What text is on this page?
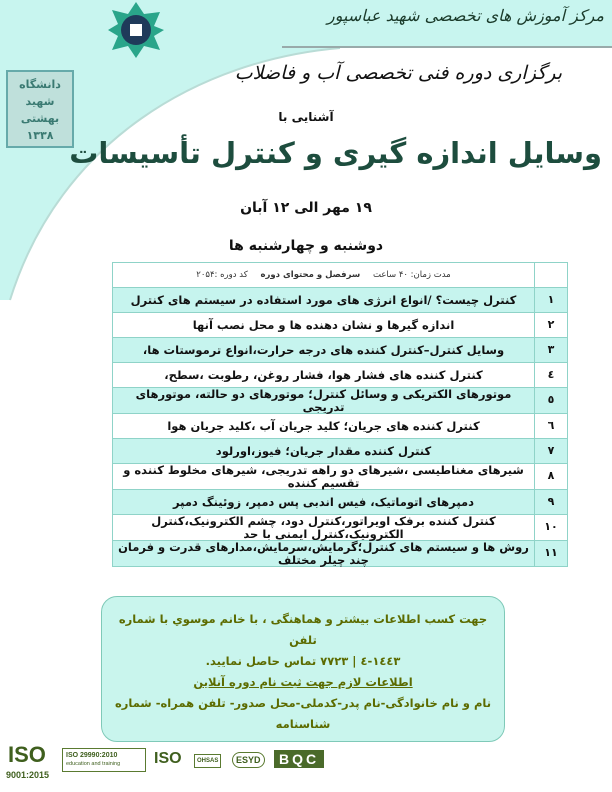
دانشگاه شهید بهشتی ۱۳۳۸
مرکز آموزش های تخصصی شهید عباسپور
برگزاری دوره فنی تخصصی آب و فاضلاب
آشنایی با
وسایل اندازه گیری و کنترل تأسیسات
۱۹ مهر الی ۱۲ آبان
دوشنبه و چهارشنبه ها
	مدت زمان: ۴۰ ساعت سرفصل و محتوای دوره کد دوره :۲۰۵۴
۱	کنترل چیست؟ /انواع انرژی های مورد استفاده در سیستم های کنترل
۲	اندازه گیرها و نشان دهنده ها و محل نصب آنها
۳	وسایل کنترل–کنترل کننده های درجه حرارت،انواع ترموستات ها،
٤	کنترل کننده های فشار هوا، فشار روغن، رطوبت ،سطح،
٥	موتورهای الکتریکی و وسائل کنترل؛ موتورهای دو حالته، موتورهای تدریجی
٦	کنترل کننده های جریان؛ کلید جریان آب ،کلید جریان هوا
۷	کنترل کننده مقدار جریان؛ فیوز،اورلود
۸	شیرهای مغناطیسی ،شیرهای دو راهه تدریجی، شیرهای مخلوط کننده و تقسیم کننده
۹	دمپرهای اتوماتیک، فیس اندبی پس دمپر، زوئینگ دمپر
۱۰	کنترل کننده برفک اویراتور،کنترل دود، چشم الکترونیک،کنترل الکترونیک،کنترل ایمنی با حد
۱۱	روش ها و سیستم های کنترل؛گرمایش،سرمایش،مدارهای قدرت و فرمان چند چیلر مختلف
جهت کسب اطلاعات بیشتر و هماهنگی ، با خانم موسوي با شماره تلفن
۱٤٤۳-٤ | ۷۷۲۳ تماس حاصل نمایید.
اطلاعات لازم جهت ثبت نام دوره آنلاین
نام و نام خانوادگی-نام پدر-کدملی-محل صدور- تلفن همراه- شماره شناسنامه
ISO
9001:2015
ISO 29990:2010
education and training	ISO	OHSAS	ESYD	BQC
